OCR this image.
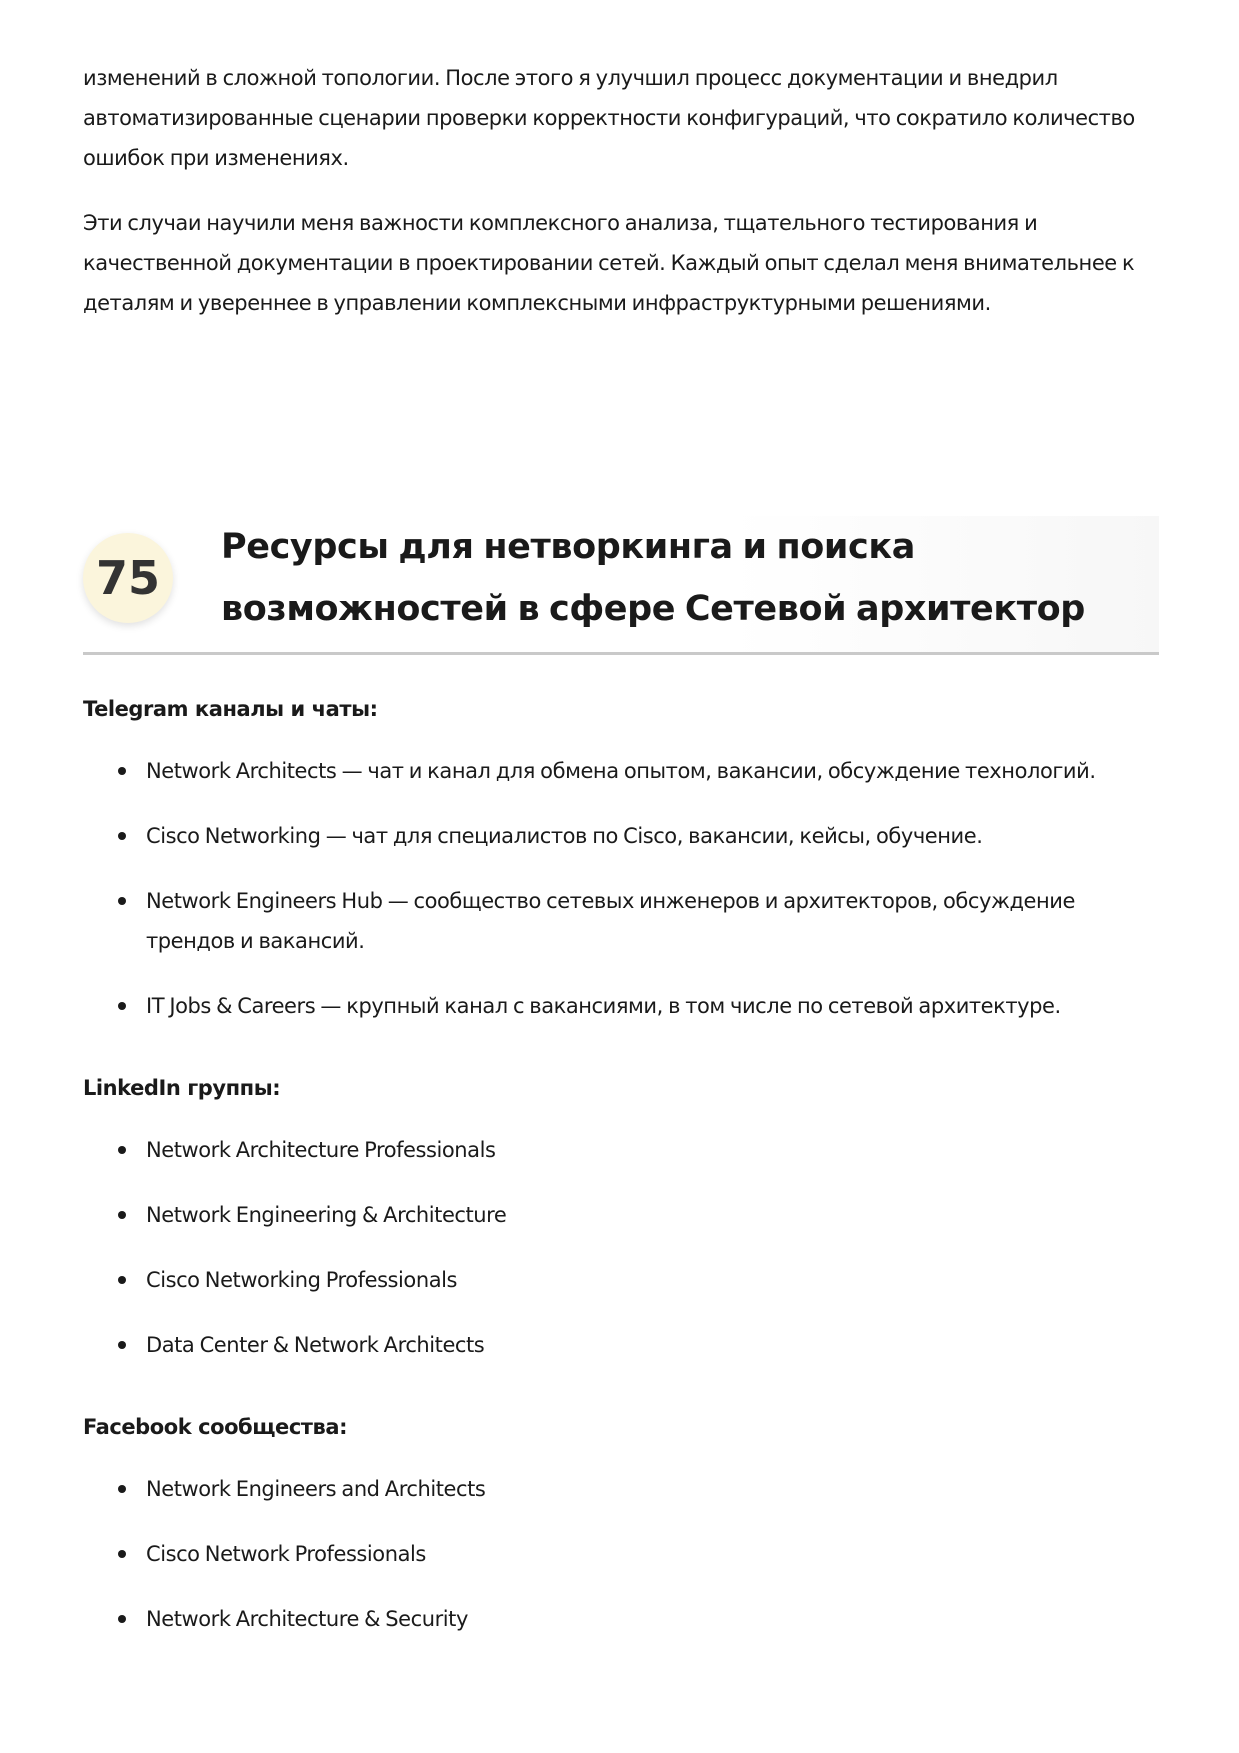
изменений в сложной топологии. После этого я улучшил процесс документации и внедрил автоматизированные сценарии проверки корректности конфигураций, что сократило количество ошибок при изменениях.

Эти случаи научили меня важности комплексного анализа, тщательного тестирования и качественной документации в проектировании сетей. Каждый опыт сделал меня внимательнее к деталям и увереннее в управлении комплексными инфраструктурными решениями.

75
Ресурсы для нетворкинга и поиска возможностей в сфере Сетевой архитектор
Telegram каналы и чаты:
Network Architects — чат и канал для обмена опытом, вакансии, обсуждение технологий.
Cisco Networking — чат для специалистов по Cisco, вакансии, кейсы, обучение.
Network Engineers Hub — сообщество сетевых инженеров и архитекторов, обсуждение трендов и вакансий.
IT Jobs & Careers — крупный канал с вакансиями, в том числе по сетевой архитектуре.
LinkedIn группы:
Network Architecture Professionals
Network Engineering & Architecture
Cisco Networking Professionals
Data Center & Network Architects
Facebook сообщества:
Network Engineers and Architects
Cisco Network Professionals
Network Architecture & Security
